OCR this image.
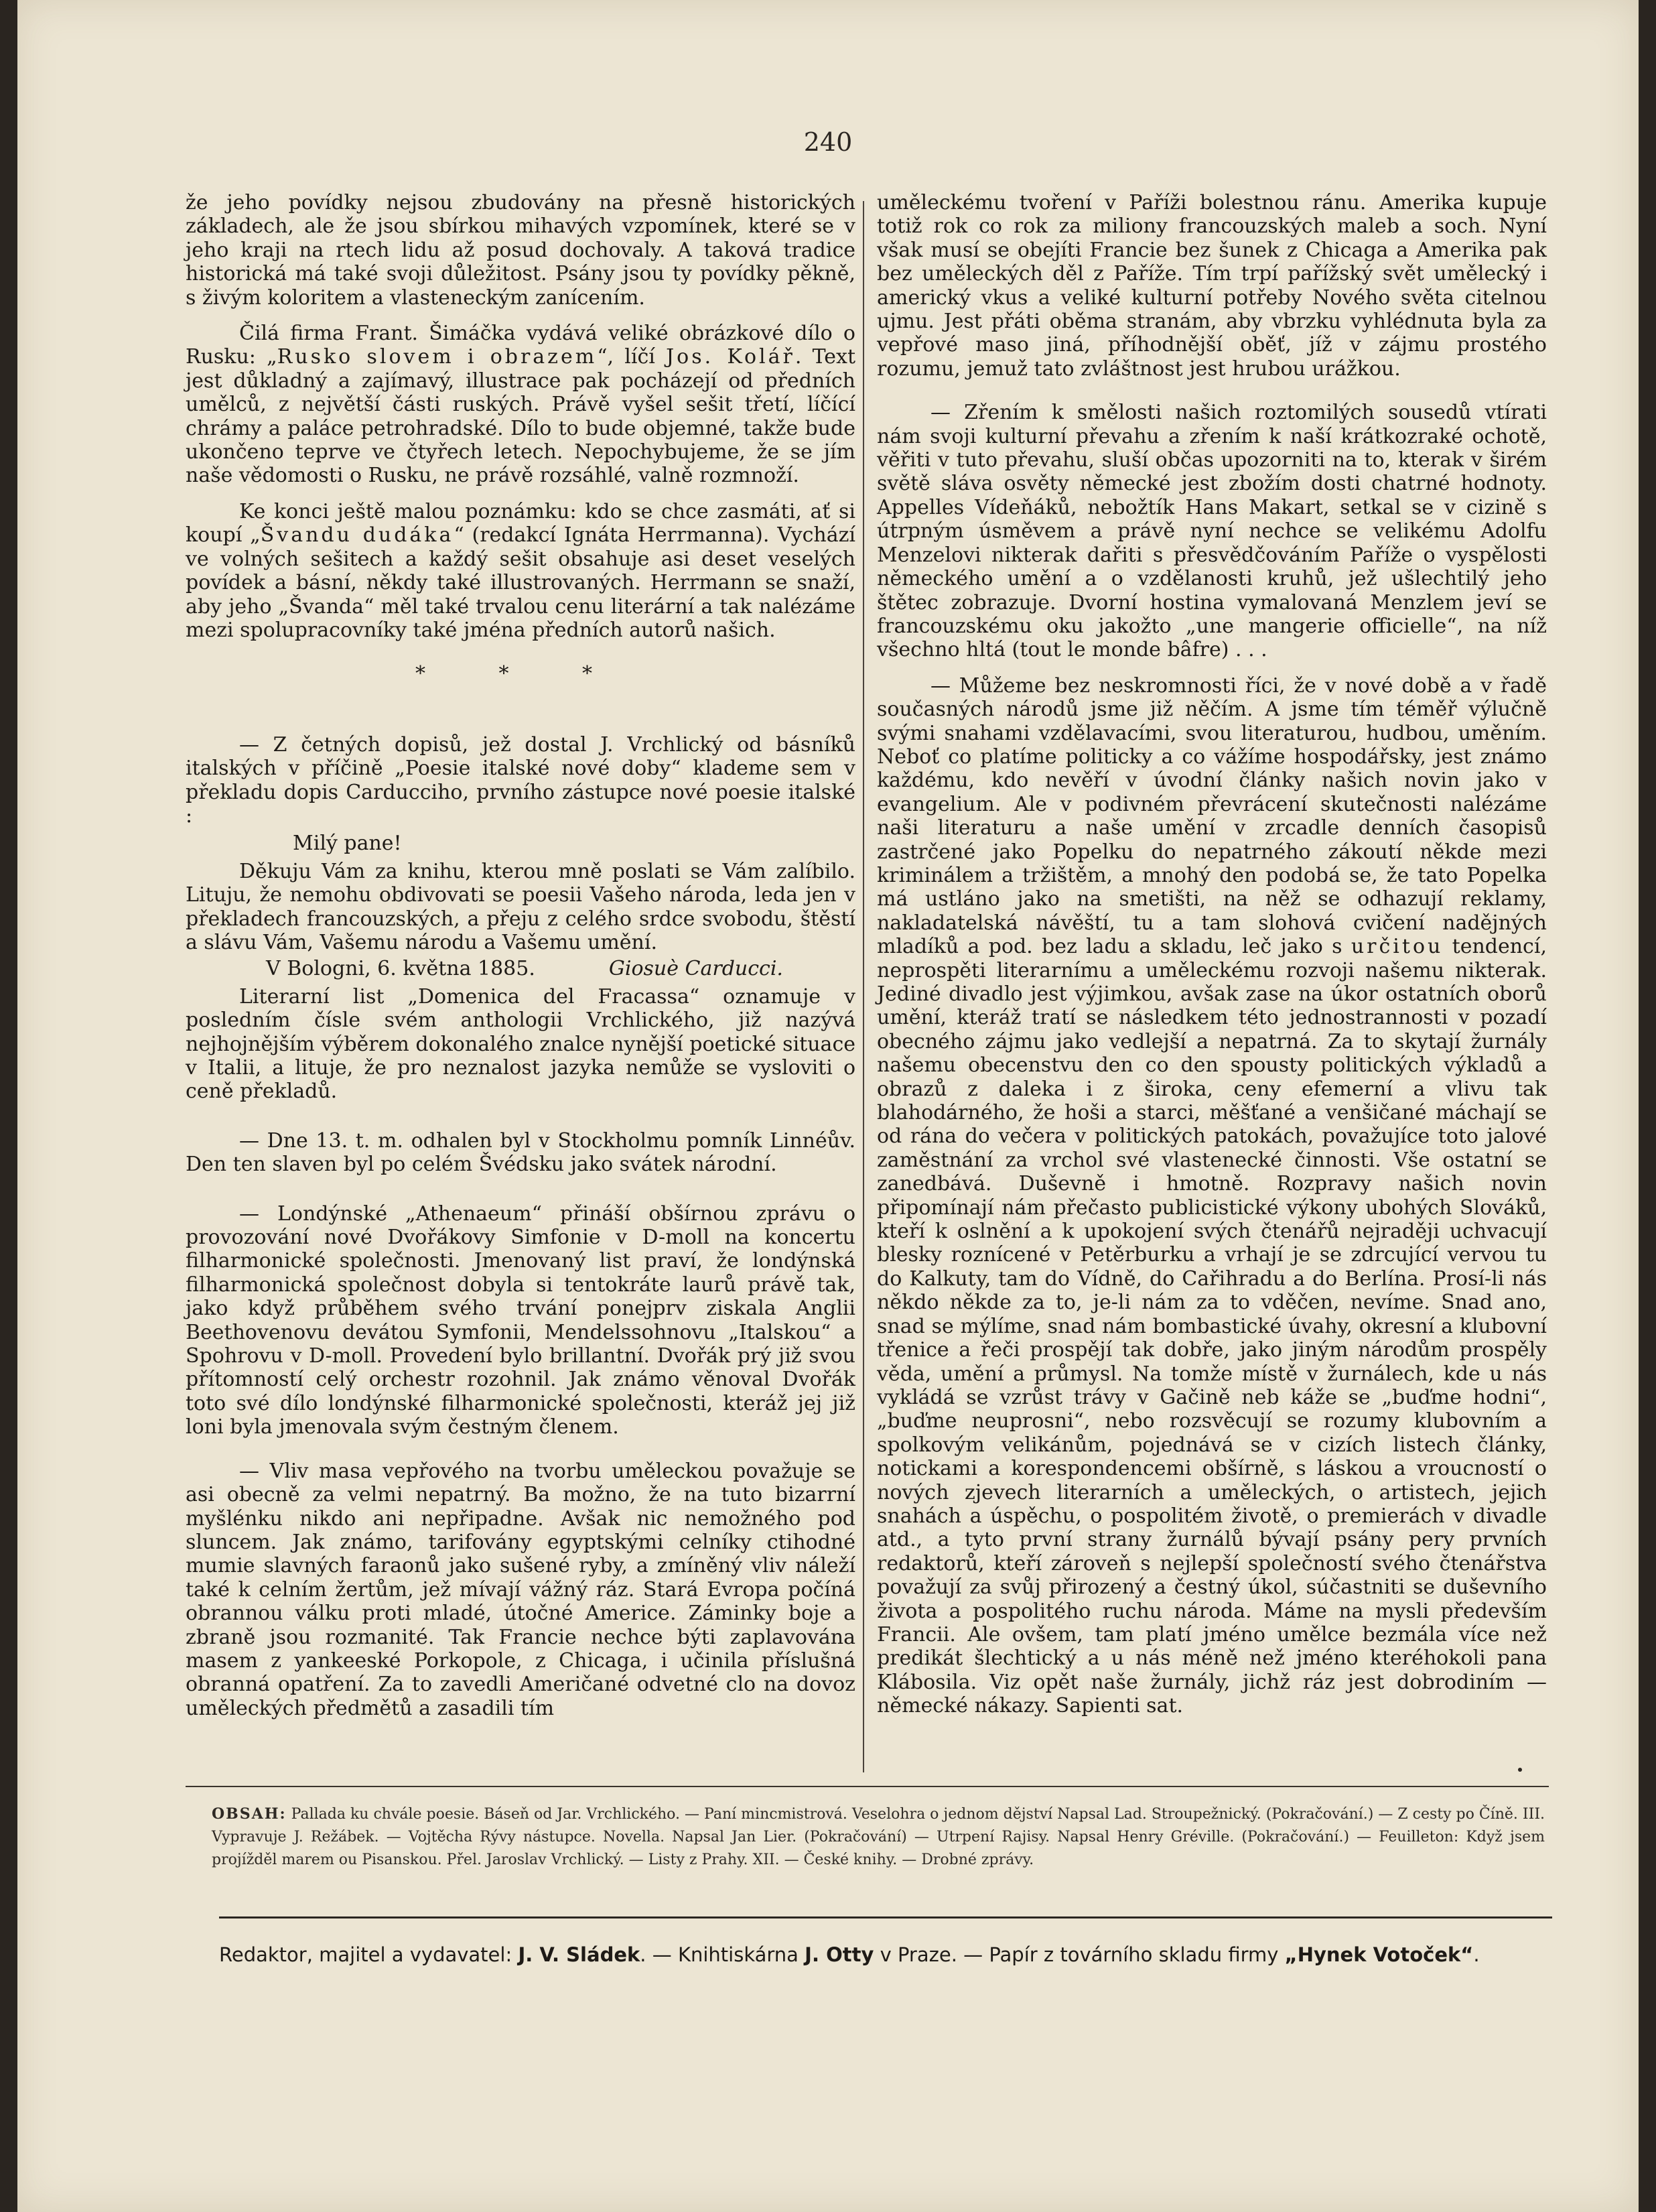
240

že jeho povídky nejsou zbudovány na přesně historických základech, ale že jsou sbírkou mihavých vzpomínek, které se v jeho kraji na rtech lidu až posud dochovaly. A taková tradice historická má také svoji důležitost. Psány jsou ty povídky pěkně, s živým koloritem a vlasteneckým zanícením.

Čilá firma Frant. Šimáčka vydává veliké obrázkové dílo o Rusku: „Rusko slovem i obrazem“, líčí Jos. Kolář. Text jest důkladný a zajímavý, illustrace pak pocházejí od předních umělců, z největší části ruských. Právě vyšel sešit třetí, líčící chrámy a paláce petrohradské. Dílo to bude objemné, takže bude ukončeno teprve ve čtyřech letech. Nepochybujeme, že se jím naše vědomosti o Rusku, ne právě rozsáhlé, valně rozmnoží.

Ke konci ještě malou poznámku: kdo se chce zasmáti, ať si koupí „Švandu dudáka“ (redakcí Ignáta Herrmanna). Vychází ve volných sešitech a každý sešit obsahuje asi deset veselých povídek a básní, někdy také illustrovaných. Herrmann se snaží, aby jeho „Švanda“ měl také trvalou cenu literární a tak nalézáme mezi spolupracovníky také jména předních autorů našich.

* * *

— Z četných dopisů, jež dostal J. Vrchlický od básníků italských v příčině „Poesie italské nové doby“ klademe sem v překladu dopis Carducciho, prvního zástupce nové poesie italské :

Milý pane!

Děkuju Vám za knihu, kterou mně poslati se Vám zalíbilo. Lituju, že nemohu obdivovati se poesii Vašeho národa, leda jen v překladech francouzských, a přeju z celého srdce svobodu, štěstí a slávu Vám, Vašemu národu a Vašemu umění.

V Bologni, 6. května 1885.	Giosuè Carducci.

Literarní list „Domenica del Fracassa“ oznamuje v posledním čísle svém anthologii Vrchlického, již nazývá nejhojnějším výběrem dokonalého znalce nynější poetické situace v Italii, a lituje, že pro neznalost jazyka nemůže se vysloviti o ceně překladů.

— Dne 13. t. m. odhalen byl v Stockholmu pomník Linnéův. Den ten slaven byl po celém Švédsku jako svátek národní.

— Londýnské „Athenaeum“ přináší obšírnou zprávu o provozování nové Dvořákovy Simfonie v D-moll na koncertu filharmonické společnosti. Jmenovaný list praví, že londýnská filharmonická společnost dobyla si tentokráte laurů právě tak, jako když průběhem svého trvání ponejprv ziskala Anglii Beethovenovu devátou Symfonii, Mendelssohnovu „Italskou“ a Spohrovu v D-moll. Provedení bylo brillantní. Dvořák prý již svou přítomností celý orchestr rozohnil. Jak známo věnoval Dvořák toto své dílo londýnské filharmonické společnosti, kteráž jej již loni byla jmenovala svým čestným členem.

— Vliv masa vepřového na tvorbu uměleckou považuje se asi obecně za velmi nepatrný. Ba možno, že na tuto bizarrní myšlénku nikdo ani nepřipadne. Avšak nic nemožného pod sluncem. Jak známo, tarifovány egyptskými celníky ctihodné mumie slavných faraonů jako sušené ryby, a zmíněný vliv náleží také k celním žertům, jež mívají vážný ráz. Stará Evropa počíná obrannou válku proti mladé, útočné Americe. Záminky boje a zbraně jsou rozmanité. Tak Francie nechce býti zaplavována masem z yankeeské Porkopole, z Chicaga, i učinila příslušná obranná opatření. Za to zavedli Američané odvetné clo na dovoz uměleckých předmětů a zasadili tím

uměleckému tvoření v Paříži bolestnou ránu. Amerika kupuje totiž rok co rok za miliony francouzských maleb a soch. Nyní však musí se obejíti Francie bez šunek z Chicaga a Amerika pak bez uměleckých děl z Paříže. Tím trpí pařížský svět umělecký i americký vkus a veliké kulturní potřeby Nového světa citelnou ujmu. Jest přáti oběma stranám, aby vbrzku vyhlédnuta byla za vepřové maso jiná, příhodnější oběť, jíž v zájmu prostého rozumu, jemuž tato zvláštnost jest hrubou urážkou.

— Zřením k smělosti našich roztomilých sousedů vtírati nám svoji kulturní převahu a zřením k naší krátkozraké ochotě, věřiti v tuto převahu, sluší občas upozorniti na to, kterak v širém světě sláva osvěty německé jest zbožím dosti chatrné hodnoty. Appelles Vídeňáků, nebožtík Hans Makart, setkal se v cizině s útrpným úsměvem a právě nyní nechce se velikému Adolfu Menzelovi nikterak dařiti s přesvědčováním Paříže o vyspělosti německého umění a o vzdělanosti kruhů, jež ušlechtilý jeho štětec zobrazuje. Dvorní hostina vymalovaná Menzlem jeví se francouzskému oku jakožto „une mangerie officielle“, na níž všechno hltá (tout le monde bâfre) . . .

— Můžeme bez neskromnosti říci, že v nové době a v řadě současných národů jsme již něčím. A jsme tím téměř výlučně svými snahami vzdělavacími, svou literaturou, hudbou, uměním. Neboť co platíme politicky a co vážíme hospodářsky, jest známo každému, kdo nevěří v úvodní články našich novin jako v evangelium. Ale v podivném převrácení skutečnosti nalézáme naši literaturu a naše umění v zrcadle denních časopisů zastrčené jako Popelku do nepatrného zákoutí někde mezi kriminálem a tržištěm, a mnohý den podobá se, že tato Popelka má ustláno jako na smetišti, na něž se odhazují reklamy, nakladatelská návěští, tu a tam slohová cvičení nadějných mladíků a pod. bez ladu a skladu, leč jako s určitou tendencí, neprospěti literarnímu a uměleckému rozvoji našemu nikterak. Jediné divadlo jest výjimkou, avšak zase na úkor ostatních oborů umění, kteráž tratí se následkem této jednostrannosti v pozadí obecného zájmu jako vedlejší a nepatrná. Za to skytají žurnály našemu obecenstvu den co den spousty politických výkladů a obrazů z daleka i z široka, ceny efemerní a vlivu tak blahodárného, že hoši a starci, měšťané a venšičané máchají se od rána do večera v politických patokách, považujíce toto jalové zaměstnání za vrchol své vlastenecké činnosti. Vše ostatní se zanedbává. Duševně i hmotně. Rozpravy našich novin připomínají nám přečasto publicistické výkony ubohých Slováků, kteří k oslnění a k upokojení svých čtenářů nejraději uchvacují blesky roznícené v Petěrburku a vrhají je se zdrcující vervou tu do Kalkuty, tam do Vídně, do Cařihradu a do Berlína. Prosí-li nás někdo někde za to, je-li nám za to vděčen, nevíme. Snad ano, snad se mýlíme, snad nám bombastické úvahy, okresní a klubovní třenice a řeči prospějí tak dobře, jako jiným národům prospěly věda, umění a průmysl. Na tomže místě v žurnálech, kde u nás vykládá se vzrůst trávy v Gačině neb káže se „buďme hodni“, „buďme neuprosni“, nebo rozsvěcují se rozumy klubovním a spolkovým velikánům, pojednává se v cizích listech články, notickami a korespondencemi obšírně, s láskou a vroucností o nových zjevech literarních a uměleckých, o artistech, jejich snahách a úspěchu, o pospolitém životě, o premierách v divadle atd., a tyto první strany žurnálů bývají psány pery prvních redaktorů, kteří zároveň s nejlepší společností svého čtenářstva považují za svůj přirozený a čestný úkol, súčastniti se duševního života a pospolitého ruchu národa. Máme na mysli především Francii. Ale ovšem, tam platí jméno umělce bezmála více než predikát šlechtický a u nás méně než jméno kteréhokoli pana Klábosila. Viz opět naše žurnály, jichž ráz jest dobrodiním — německé nákazy. Sapienti sat.

OBSAH: Pallada ku chvále poesie. Báseň od Jar. Vrchlického. — Paní mincmistrová. Veselohra o jednom dějství Napsal Lad. Stroupežnický. (Pokračování.) — Z cesty po Číně. III. Vypravuje J. Režábek. — Vojtěcha Rývy nástupce. Novella. Napsal Jan Lier. (Pokračování) — Utrpení Rajisy. Napsal Henry Gréville. (Pokračování.) — Feuilleton: Když jsem projížděl marem ou Pisanskou. Přel. Jaroslav Vrchlický. — Listy z Prahy. XII. — České knihy. — Drobné zprávy.
Redaktor, majitel a vydavatel: J. V. Sládek. — Knihtiskárna J. Otty v Praze. — Papír z továrního skladu firmy „Hynek Votoček“.
